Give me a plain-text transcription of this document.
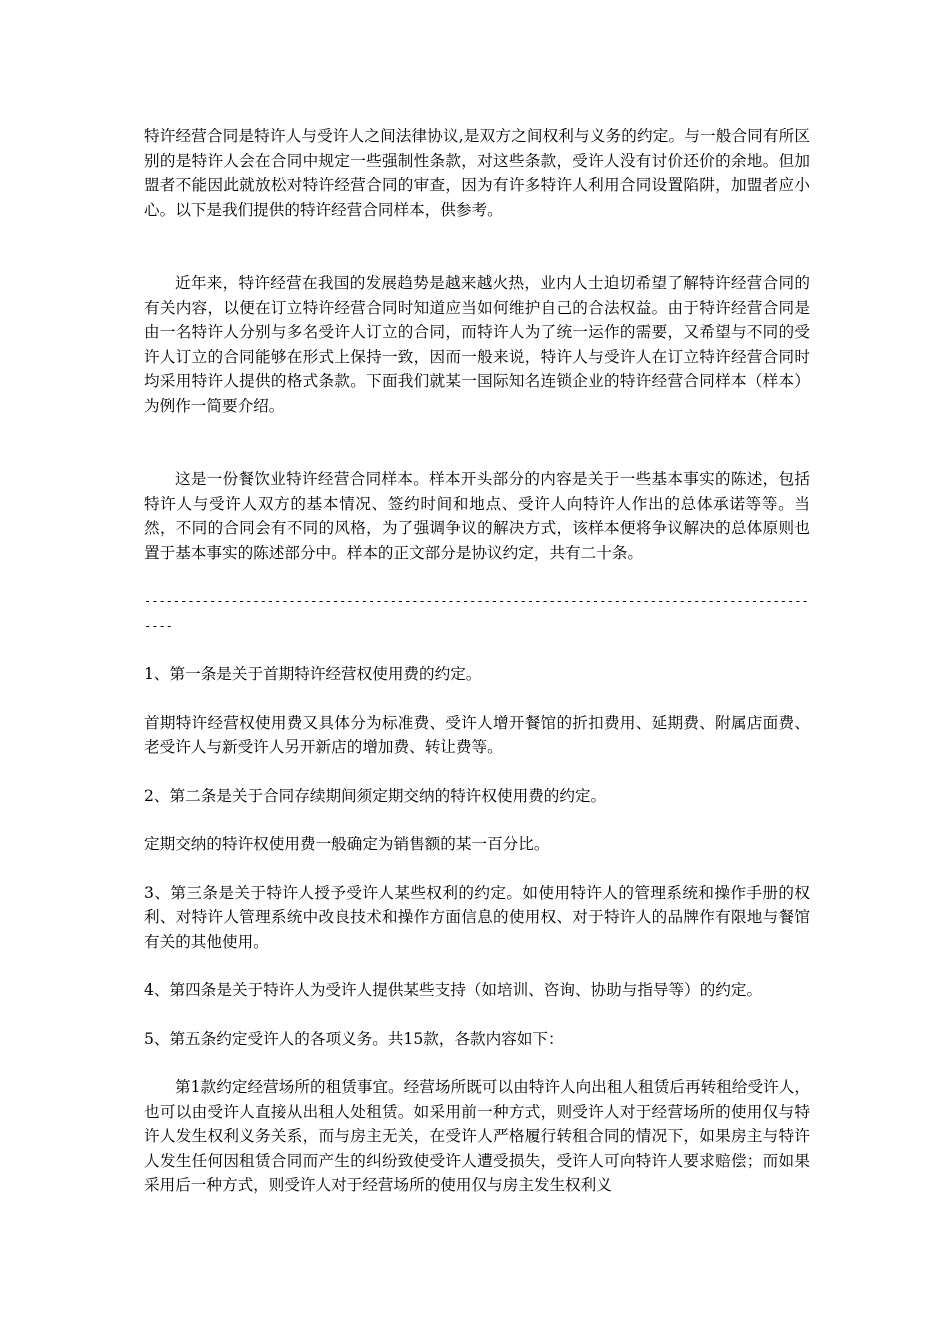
特许经营合同是特许人与受许人之间法律协议,是双方之间权利与义务的约定。与一般合同有所区别的是特许人会在合同中规定一些强制性条款，对这些条款，受许人没有讨价还价的余地。但加盟者不能因此就放松对特许经营合同的审查，因为有许多特许人利用合同设置陷阱，加盟者应小心。以下是我们提供的特许经营合同样本，供参考。

近年来，特许经营在我国的发展趋势是越来越火热，业内人士迫切希望了解特许经营合同的有关内容，以便在订立特许经营合同时知道应当如何维护自己的合法权益。由于特许经营合同是由一名特许人分别与多名受许人订立的合同，而特许人为了统一运作的需要，又希望与不同的受许人订立的合同能够在形式上保持一致，因而一般来说，特许人与受许人在订立特许经营合同时均采用特许人提供的格式条款。下面我们就某一国际知名连锁企业的特许经营合同样本（样本）为例作一简要介绍。

这是一份餐饮业特许经营合同样本。样本开头部分的内容是关于一些基本事实的陈述，包括特许人与受许人双方的基本情况、签约时间和地点、受许人向特许人作出的总体承诺等等。当然，不同的合同会有不同的风格，为了强调争议的解决方式，该样本便将争议解决的总体原则也置于基本事实的陈述部分中。样本的正文部分是协议约定，共有二十条。

------------------------------------------------------------------------------------------------

1、第一条是关于首期特许经营权使用费的约定。

首期特许经营权使用费又具体分为标准费、受许人增开餐馆的折扣费用、延期费、附属店面费、老受许人与新受许人另开新店的增加费、转让费等。

2、第二条是关于合同存续期间须定期交纳的特许权使用费的约定。

定期交纳的特许权使用费一般确定为销售额的某一百分比。

3、第三条是关于特许人授予受许人某些权利的约定。如使用特许人的管理系统和操作手册的权利、对特许人管理系统中改良技术和操作方面信息的使用权、对于特许人的品牌作有限地与餐馆有关的其他使用。

4、第四条是关于特许人为受许人提供某些支持（如培训、咨询、协助与指导等）的约定。

5、第五条约定受许人的各项义务。共15款，各款内容如下：

第1款约定经营场所的租赁事宜。经营场所既可以由特许人向出租人租赁后再转租给受许人，也可以由受许人直接从出租人处租赁。如采用前一种方式，则受许人对于经营场所的使用仅与特许人发生权利义务关系，而与房主无关，在受许人严格履行转租合同的情况下，如果房主与特许人发生任何因租赁合同而产生的纠纷致使受许人遭受损失，受许人可向特许人要求赔偿；而如果采用后一种方式，则受许人对于经营场所的使用仅与房主发生权利义
